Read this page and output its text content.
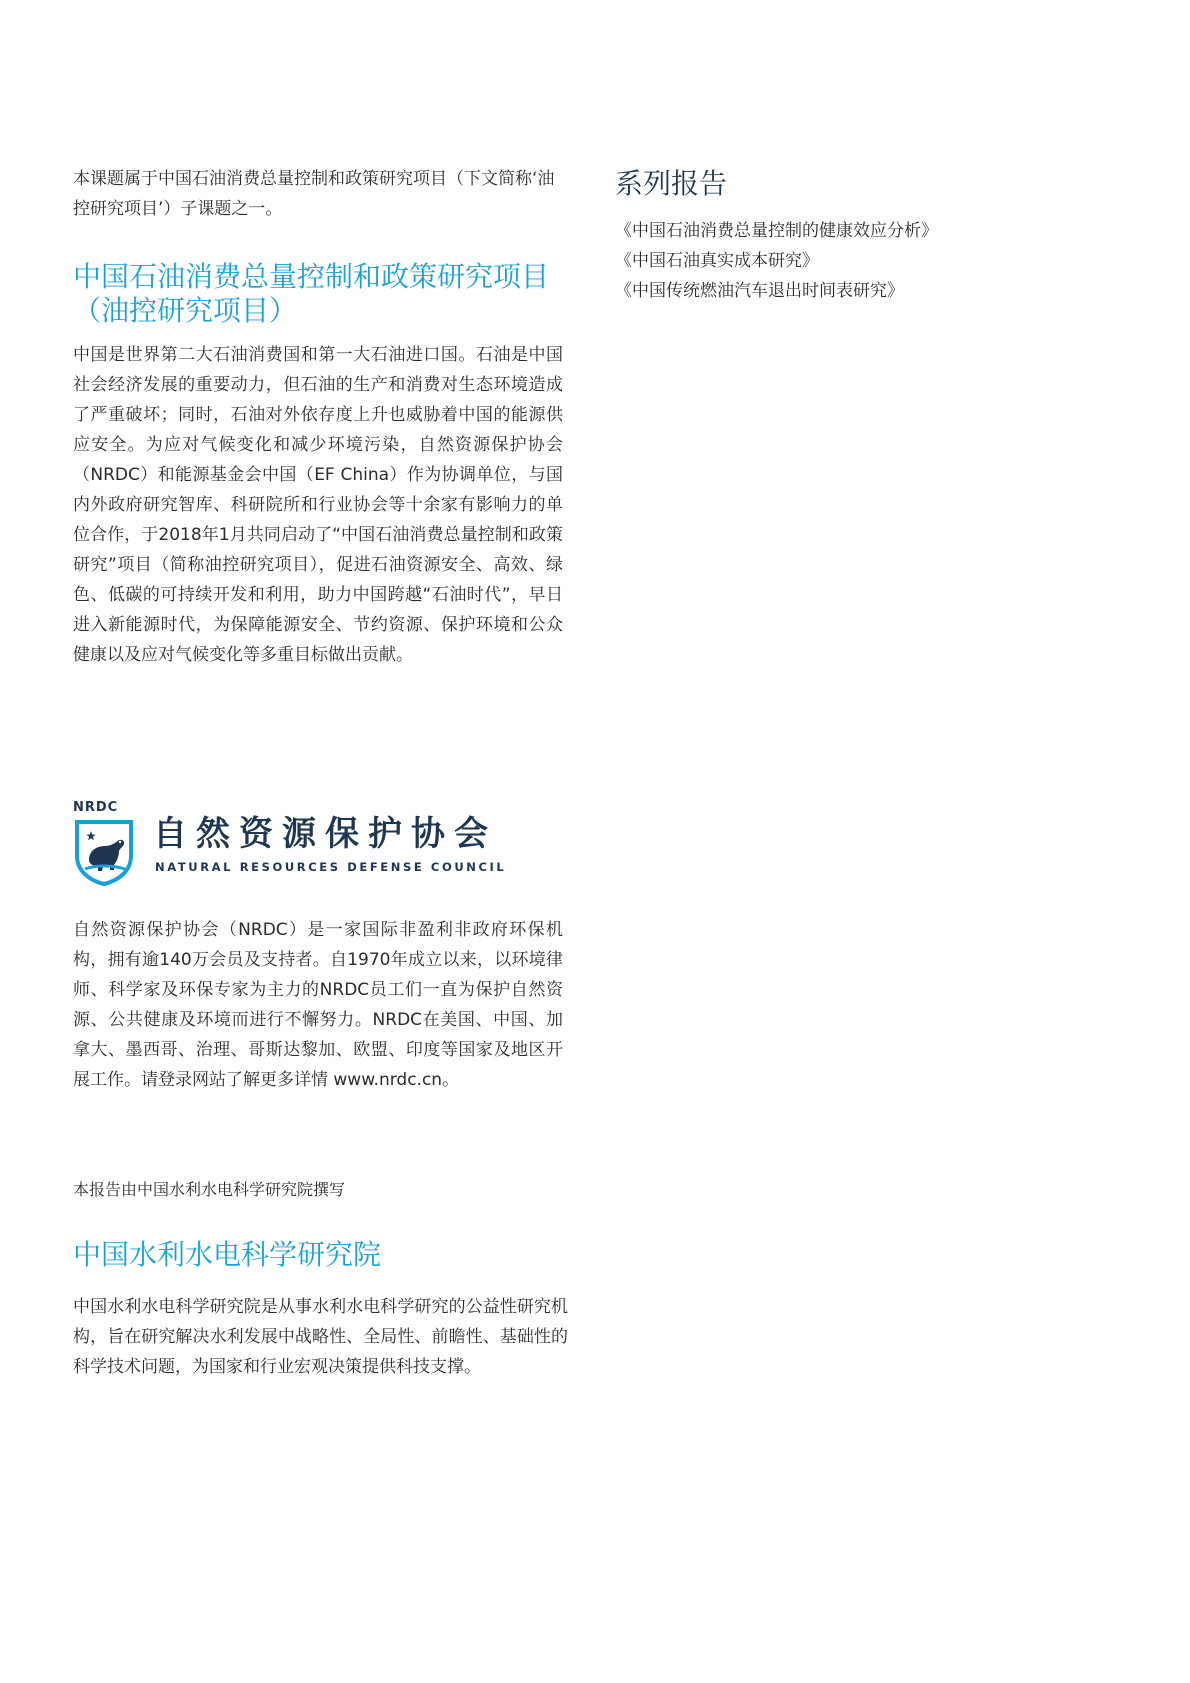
本课题属于中国石油消费总量控制和政策研究项目（下文简称‘油控研究项目’）子课题之一。

中国石油消费总量控制和政策研究项目（油控研究项目）

中国是世界第二大石油消费国和第一大石油进口国。石油是中国社会经济发展的重要动力，但石油的生产和消费对生态环境造成了严重破坏；同时，石油对外依存度上升也威胁着中国的能源供应安全。为应对气候变化和减少环境污染，自然资源保护协会（NRDC）和能源基金会中国（EF China）作为协调单位，与国内外政府研究智库、科研院所和行业协会等十余家有影响力的单位合作，于2018年1月共同启动了“中国石油消费总量控制和政策研究”项目（简称油控研究项目），促进石油资源安全、高效、绿色、低碳的可持续开发和利用，助力中国跨越“石油时代”，早日进入新能源时代，为保障能源安全、节约资源、保护环境和公众健康以及应对气候变化等多重目标做出贡献。

系列报告
《中国石油消费总量控制的健康效应分析》
《中国石油真实成本研究》
《中国传统燃油汽车退出时间表研究》
NRDC
自然资源保护协会
NATURAL RESOURCES DEFENSE COUNCIL

自然资源保护协会（NRDC）是一家国际非盈利非政府环保机构，拥有逾140万会员及支持者。自1970年成立以来，以环境律师、科学家及环保专家为主力的NRDC员工们一直为保护自然资源、公共健康及环境而进行不懈努力。NRDC在美国、中国、加拿大、墨西哥、治理、哥斯达黎加、欧盟、印度等国家及地区开展工作。请登录网站了解更多详情 www.nrdc.cn。

本报告由中国水利水电科学研究院撰写

中国水利水电科学研究院

中国水利水电科学研究院是从事水利水电科学研究的公益性研究机构，旨在研究解决水利发展中战略性、全局性、前瞻性、基础性的科学技术问题，为国家和行业宏观决策提供科技支撑。
